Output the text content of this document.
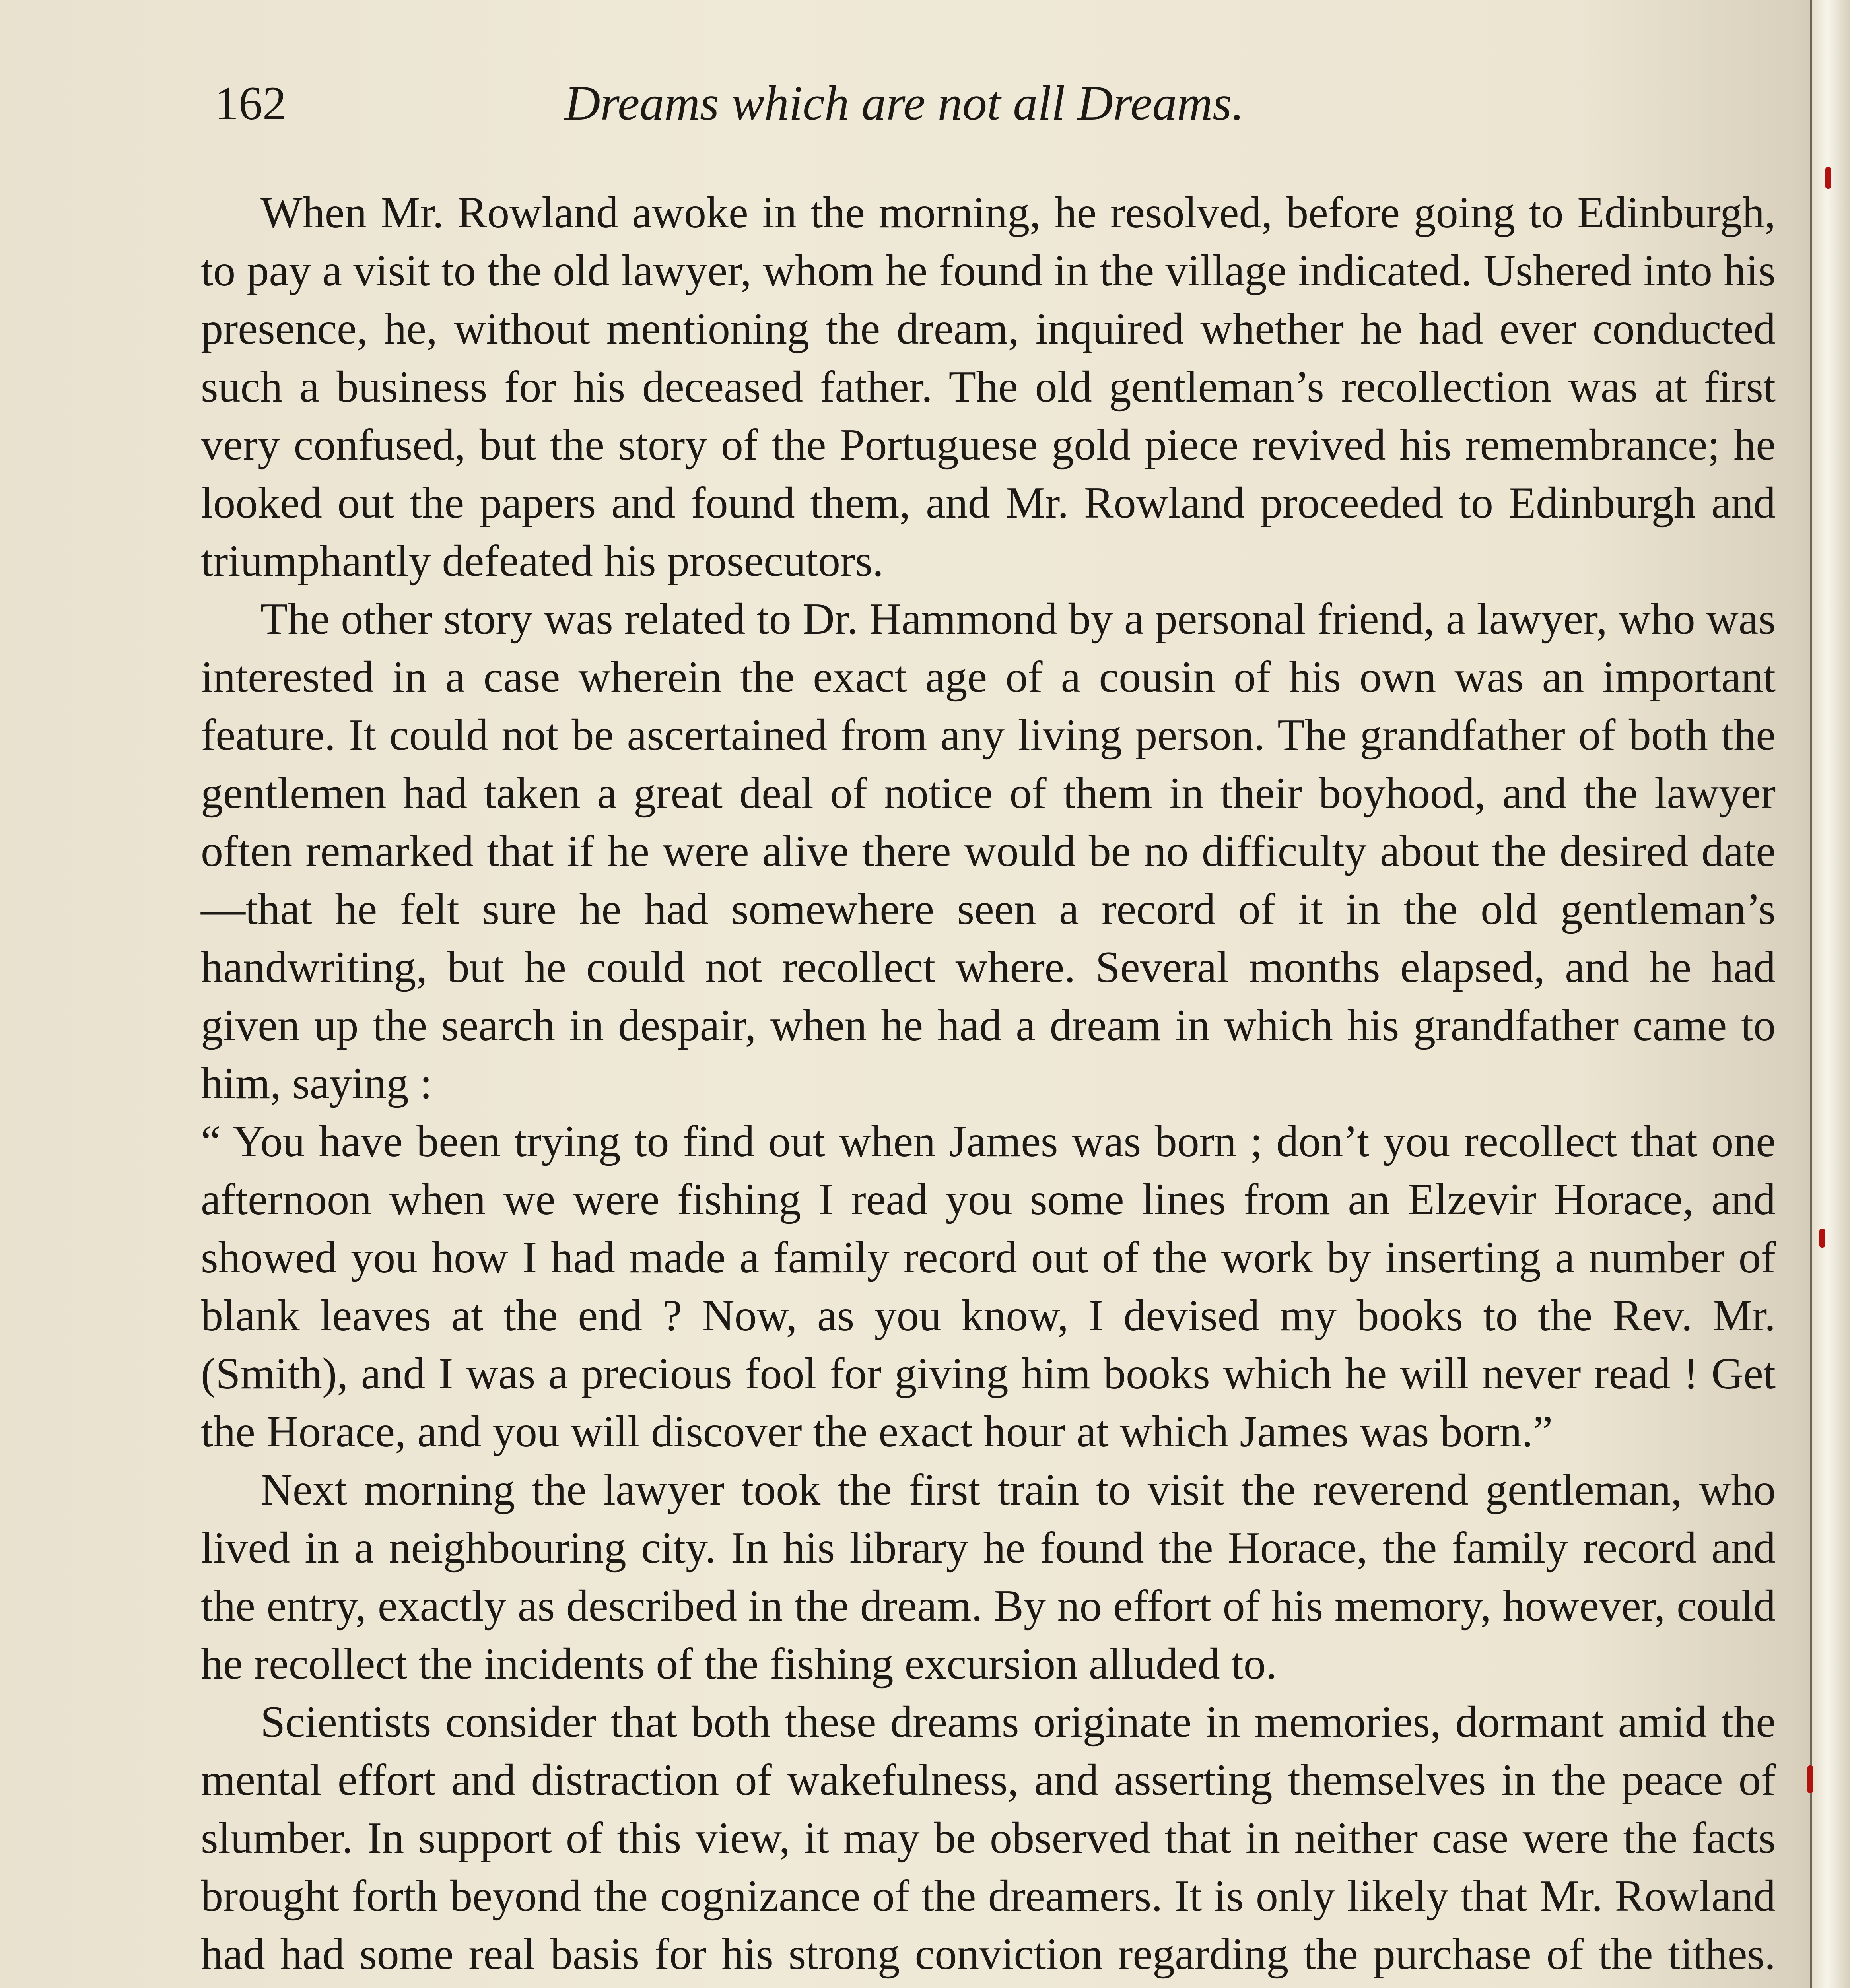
162	Dreams which are not all Dreams.

When Mr. Rowland awoke in the morning, he resolved, before going to Edinburgh, to pay a visit to the old lawyer, whom he found in the village indicated. Ushered into his presence, he, without mentioning the dream, inquired whether he had ever conducted such a business for his deceased father. The old gentleman’s recollection was at first very confused, but the story of the Portuguese gold piece revived his remembrance; he looked out the papers and found them, and Mr. Rowland proceeded to Edinburgh and triumphantly defeated his prosecutors.

The other story was related to Dr. Hammond by a personal friend, a lawyer, who was interested in a case wherein the exact age of a cousin of his own was an important feature. It could not be ascertained from any living person. The grandfather of both the gentlemen had taken a great deal of notice of them in their boyhood, and the lawyer often remarked that if he were alive there would be no difficulty about the desired date—that he felt sure he had somewhere seen a record of it in the old gentleman’s handwriting, but he could not recollect where. Several months elapsed, and he had given up the search in despair, when he had a dream in which his grandfather came to him, saying :

“ You have been trying to find out when James was born ; don’t you recollect that one afternoon when we were fishing I read you some lines from an Elzevir Horace, and showed you how I had made a family record out of the work by inserting a number of blank leaves at the end ? Now, as you know, I devised my books to the Rev. Mr. (Smith), and I was a precious fool for giving him books which he will never read ! Get the Horace, and you will discover the exact hour at which James was born.”

Next morning the lawyer took the first train to visit the reverend gentleman, who lived in a neighbouring city. In his library he found the Horace, the family record and the entry, exactly as described in the dream. By no effort of his memory, however, could he recollect the incidents of the fishing excursion alluded to.

Scientists consider that both these dreams originate in memories, dormant amid the mental effort and distraction of wakefulness, and asserting themselves in the peace of slumber. In support of this view, it may be observed that in neither case were the facts brought forth beyond the cognizance of the dreamers. It is only likely that Mr. Rowland had had some real basis for his strong conviction regarding the purchase of the tithes.
